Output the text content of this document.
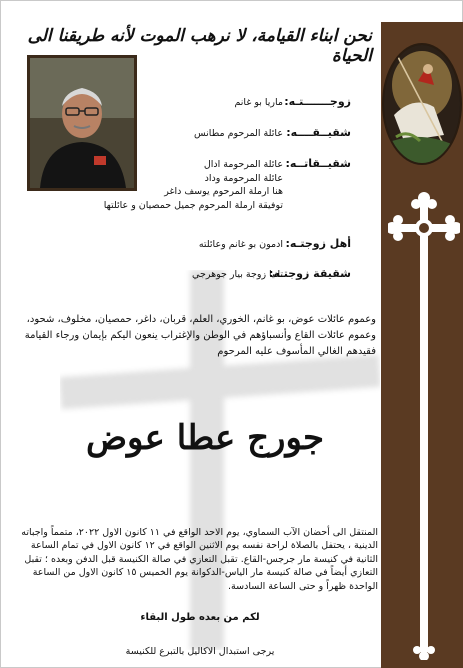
نحن ابناء القيامة، لا نرهب الموت لأنه طريقنا الى الحياة
زوجـــــــتـه:
ماريا بو غانم
شقيــقــــه:
عائلة المرحوم مطانس
شقيــقاتــه:
عائلة المرحومة ادال
عائلة المرحومة وداد
هنا ارملة المرحوم يوسف داغر
توفيقة ارملة المرحوم جميل حمصيان و عائلتها
أهل زوجتـه:
ادمون بو غانم وعائلته
شقيقة زوجتـه:
تانيا زوجة بيار جوهرجي
وعموم عائلات عوض، بو غانم، الخوري، العلم، قربان، داغر، حمصيان، مخلوف، شحود، وعموم عائلات القاع وأنسباؤهم في الوطن والإغتراب ينعون اليكم بإيمان ورجاء القيامة فقيدهم الغالي المأسوف عليه المرحوم
جورج عطا عوض
المنتقل الى أحضان الآب السماوي، يوم الاحد الواقع في ١١ كانون الاول ٢٠٢٢، متمماً واجباته الدينية ، يحتفل بالصلاة لراحة نفسه يوم الاثنين الواقع في ١٢ كانون الاول في تمام الساعة الثانية في كنيسة مار جرجس-القاع. تقبل التعازي في صالة الكنيسة قبل الدفن وبعده ؛ تقبل التعازي أيضاً في صالة كنيسة مار الياس-الدكوانة يوم الخميس ١٥ كانون الاول من الساعة الواحدة ظهراً و حتى الساعة السادسة.
لكم من بعده طول البقاء
يرجى استبدال الاكاليل بالتبرع للكنيسة
